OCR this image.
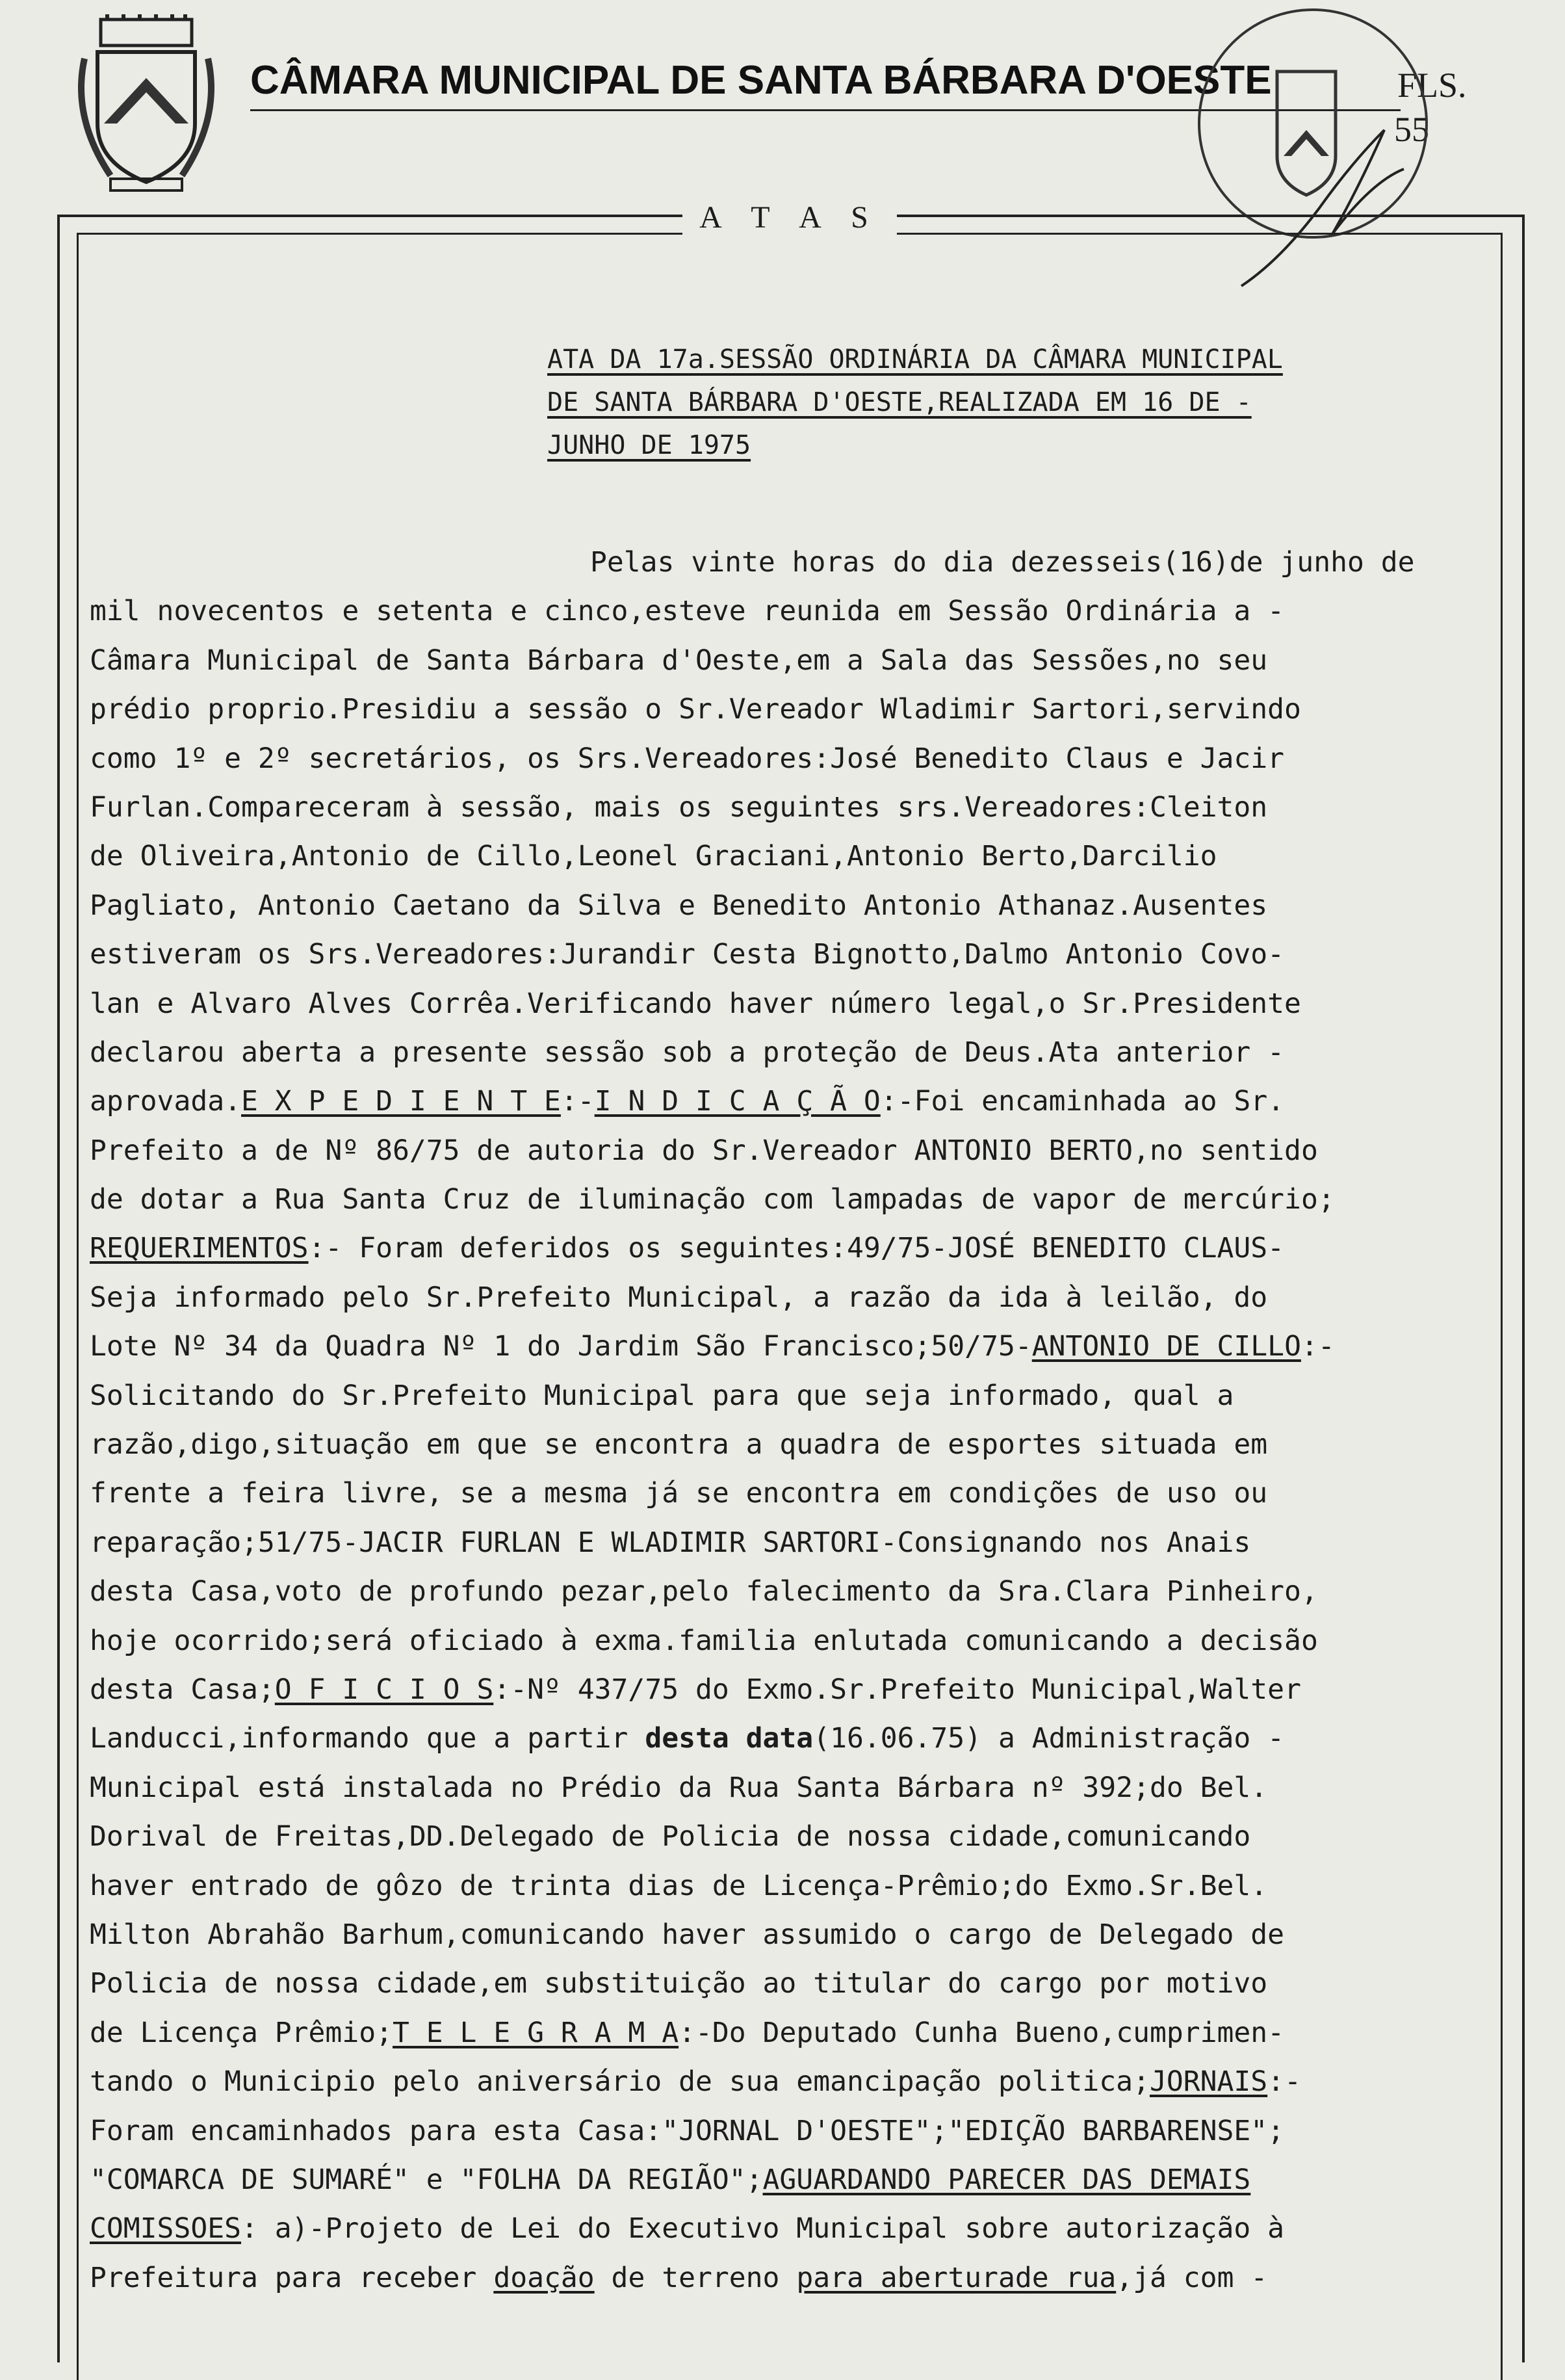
CÂMARA MUNICIPAL DE SANTA BÁRBARA D'OESTE	FLS.
55
A T A S
ATA DA 17a.SESSÃO ORDINÁRIA DA CÂMARA MUNICIPAL
DE SANTA BÁRBARA D'OESTE,REALIZADA EM 16 DE -
JUNHO DE 1975
Pelas vinte horas do dia dezesseis(16)de junho de
mil novecentos e setenta e cinco,esteve reunida em Sessão Ordinária a -
Câmara Municipal de Santa Bárbara d'Oeste,em a Sala das Sessões,no seu
prédio proprio.Presidiu a sessão o Sr.Vereador Wladimir Sartori,servindo
como 1º e 2º secretários, os Srs.Vereadores:José Benedito Claus e Jacir
Furlan.Compareceram à sessão, mais os seguintes srs.Vereadores:Cleiton
de Oliveira,Antonio de Cillo,Leonel Graciani,Antonio Berto,Darcilio
Pagliato, Antonio Caetano da Silva e Benedito Antonio Athanaz.Ausentes
estiveram os Srs.Vereadores:Jurandir Cesta Bignotto,Dalmo Antonio Covo-
lan e Alvaro Alves Corrêa.Verificando haver número legal,o Sr.Presidente
declarou aberta a presente sessão sob a proteção de Deus.Ata anterior -
aprovada.E X P E D I E N T E:-I N D I C A Ç Ã O:-Foi encaminhada ao Sr.
Prefeito a de Nº 86/75 de autoria do Sr.Vereador ANTONIO BERTO,no sentido
de dotar a Rua Santa Cruz de iluminação com lampadas de vapor de mercúrio;
REQUERIMENTOS:- Foram deferidos os seguintes:49/75-JOSÉ BENEDITO CLAUS-
Seja informado pelo Sr.Prefeito Municipal, a razão da ida à leilão, do
Lote Nº 34 da Quadra Nº 1 do Jardim São Francisco;50/75-ANTONIO DE CILLO:-
Solicitando do Sr.Prefeito Municipal para que seja informado, qual a
razão,digo,situação em que se encontra a quadra de esportes situada em
frente a feira livre, se a mesma já se encontra em condições de uso ou
reparação;51/75-JACIR FURLAN E WLADIMIR SARTORI-Consignando nos Anais
desta Casa,voto de profundo pezar,pelo falecimento da Sra.Clara Pinheiro,
hoje ocorrido;será oficiado à exma.familia enlutada comunicando a decisão
desta Casa;O F I C I O S:-Nº 437/75 do Exmo.Sr.Prefeito Municipal,Walter
Landucci,informando que a partir desta data(16.06.75) a Administração -
Municipal está instalada no Prédio da Rua Santa Bárbara nº 392;do Bel.
Dorival de Freitas,DD.Delegado de Policia de nossa cidade,comunicando
haver entrado de gôzo de trinta dias de Licença-Prêmio;do Exmo.Sr.Bel.
Milton Abrahão Barhum,comunicando haver assumido o cargo de Delegado de
Policia de nossa cidade,em substituição ao titular do cargo por motivo
de Licença Prêmio;T E L E G R A M A:-Do Deputado Cunha Bueno,cumprimen-
tando o Municipio pelo aniversário de sua emancipação politica;JORNAIS:-
Foram encaminhados para esta Casa:"JORNAL D'OESTE";"EDIÇÃO BARBARENSE";
"COMARCA DE SUMARÉ" e "FOLHA DA REGIÃO";AGUARDANDO PARECER DAS DEMAIS
COMISSOES: a)-Projeto de Lei do Executivo Municipal sobre autorização à
Prefeitura para receber doação de terreno para aberturade rua,já com -
